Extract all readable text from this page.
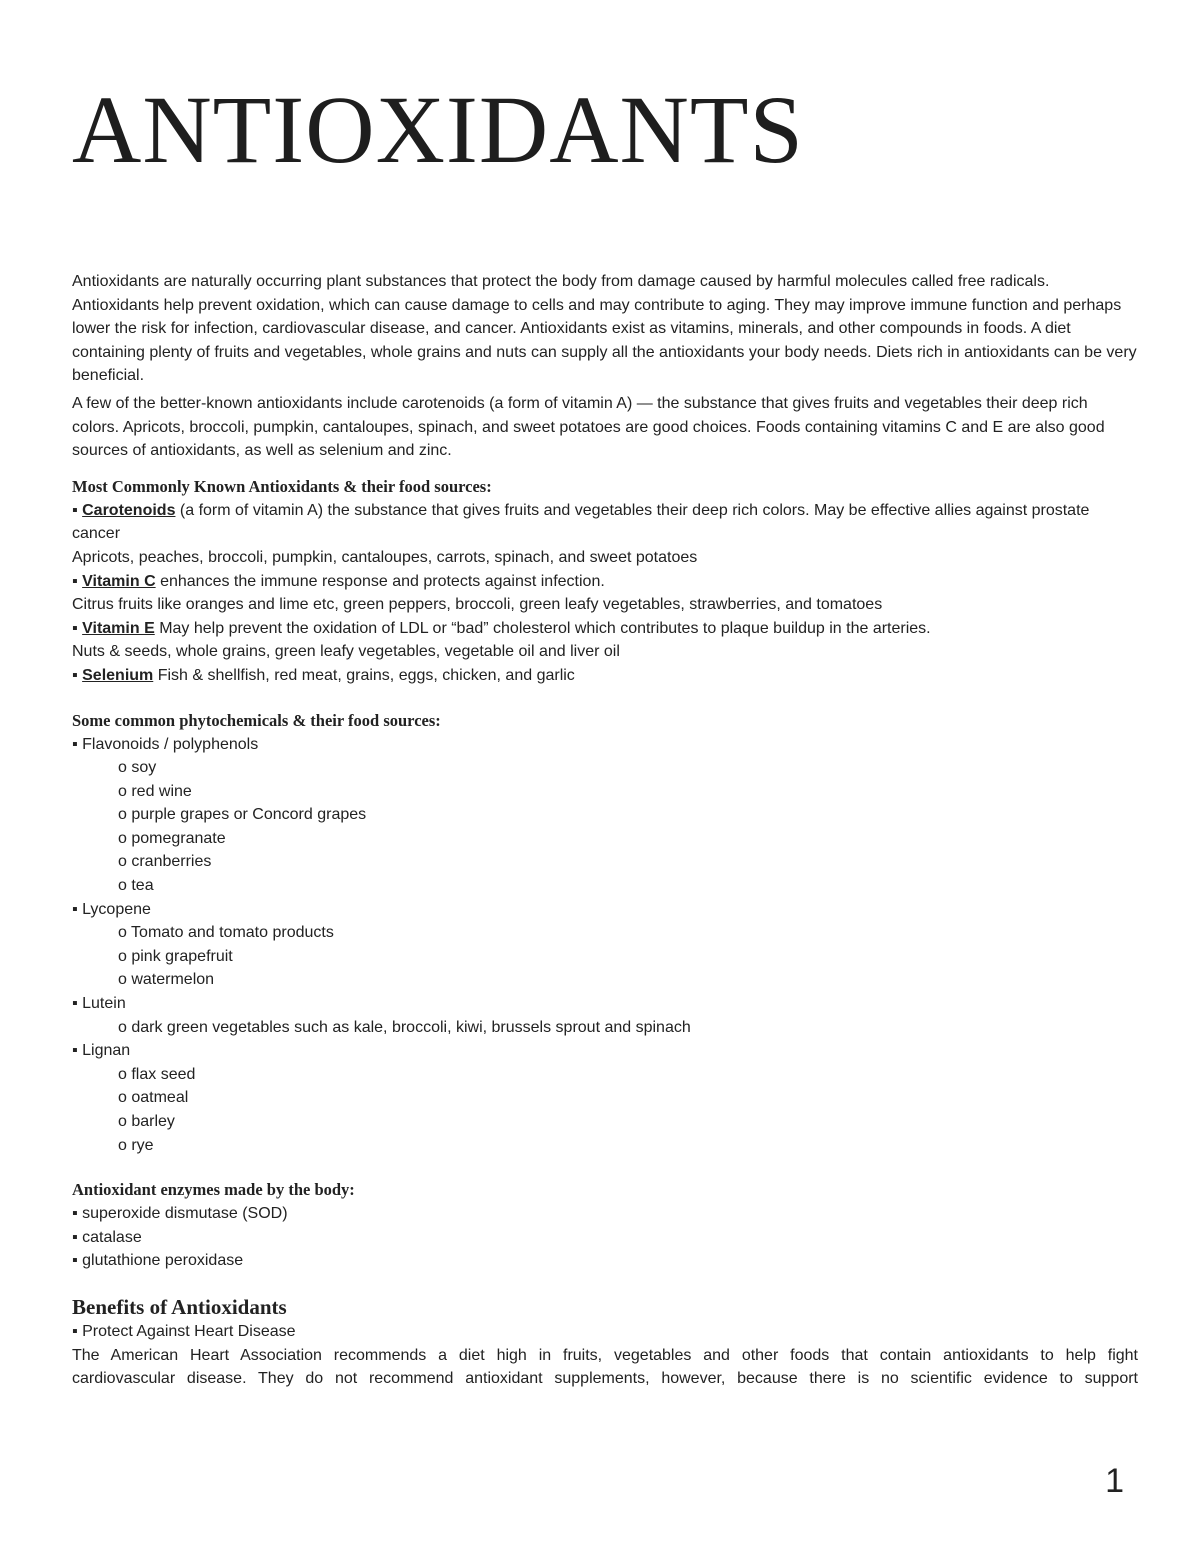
ANTIOXIDANTS

Antioxidants are naturally occurring plant substances that protect the body from damage caused by harmful molecules called free radicals. Antioxidants help prevent oxidation, which can cause damage to cells and may contribute to aging. They may improve immune function and perhaps lower the risk for infection, cardiovascular disease, and cancer. Antioxidants exist as vitamins, minerals, and other compounds in foods. A diet containing plenty of fruits and vegetables, whole grains and nuts can supply all the antioxidants your body needs. Diets rich in antioxidants can be very beneficial.

A few of the better-known antioxidants include carotenoids (a form of vitamin A) — the substance that gives fruits and vegetables their deep rich colors. Apricots, broccoli, pumpkin, cantaloupes, spinach, and sweet potatoes are good choices. Foods containing vitamins C and E are also good sources of antioxidants, as well as selenium and zinc.

Most Commonly Known Antioxidants & their food sources:

▪ Carotenoids (a form of vitamin A) the substance that gives fruits and vegetables their deep rich colors. May be effective allies against prostate cancer

Apricots, peaches, broccoli, pumpkin, cantaloupes, carrots, spinach, and sweet potatoes

▪ Vitamin C enhances the immune response and protects against infection.

Citrus fruits like oranges and lime etc, green peppers, broccoli, green leafy vegetables, strawberries, and tomatoes

▪ Vitamin E May help prevent the oxidation of LDL or “bad” cholesterol which contributes to plaque buildup in the arteries.

Nuts & seeds, whole grains, green leafy vegetables, vegetable oil and liver oil

▪ Selenium Fish & shellfish, red meat, grains, eggs, chicken, and garlic

Some common phytochemicals & their food sources:

▪ Flavonoids / polyphenols

o soy

o red wine

o purple grapes or Concord grapes

o pomegranate

o cranberries

o tea

▪ Lycopene

o Tomato and tomato products

o pink grapefruit

o watermelon

▪ Lutein

o dark green vegetables such as kale, broccoli, kiwi, brussels sprout and spinach

▪ Lignan

o flax seed

o oatmeal

o barley

o rye

Antioxidant enzymes made by the body:

▪ superoxide dismutase (SOD)

▪ catalase

▪ glutathione peroxidase

Benefits of Antioxidants

▪ Protect Against Heart Disease

The American Heart Association recommends a diet high in fruits, vegetables and other foods that contain antioxidants to help fight

cardiovascular disease. They do not recommend antioxidant supplements, however, because there is no scientific evidence to support

1
